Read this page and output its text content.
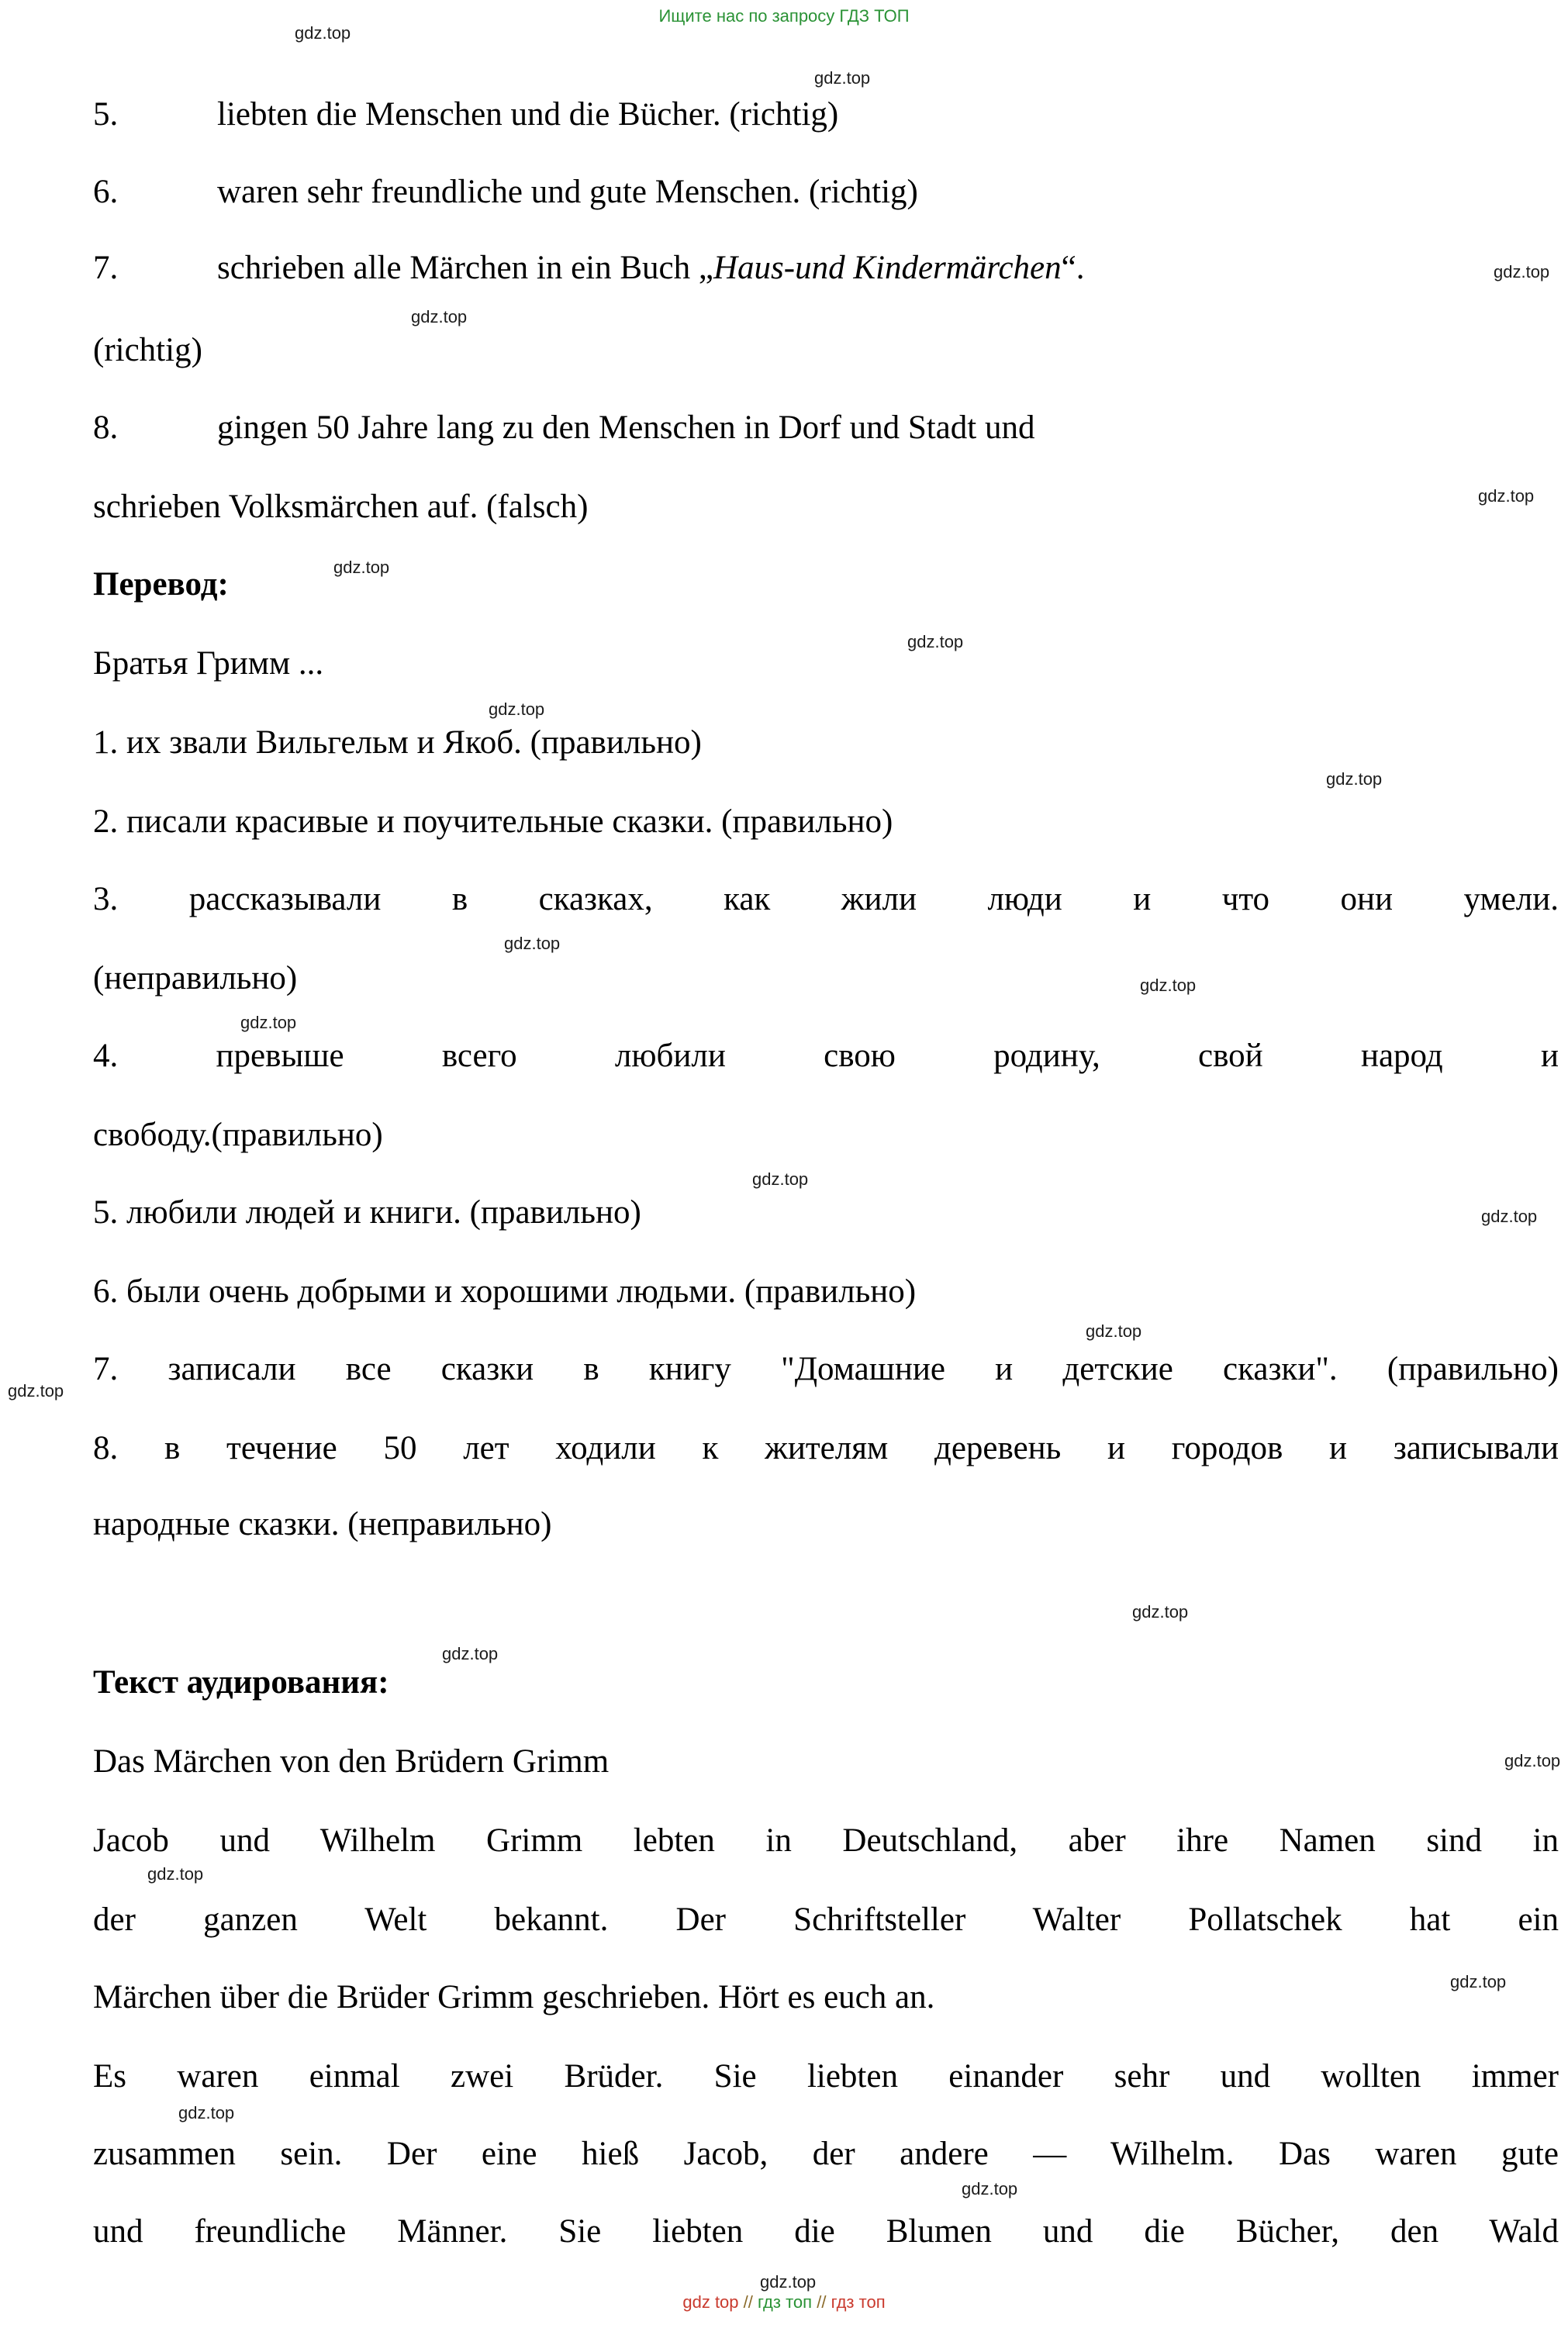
Ищите нас по запросу ГДЗ ТОП
5.	liebten die Menschen und die Bücher. (richtig)
6.	waren sehr freundliche und gute Menschen. (richtig)
7.	schrieben alle Märchen in ein Buch „Haus-und Kindermärchen“.
(richtig)
8.	gingen 50 Jahre lang zu den Menschen in Dorf und Stadt und
schrieben Volksmärchen auf. (falsch)
Перевод:
Братья Гримм ...
1. их звали Вильгельм и Якоб. (правильно)
2. писали красивые и поучительные сказки. (правильно)
3. рассказывали в сказках, как жили люди и что они умели.
(неправильно)
4. превыше всего любили свою родину, свой народ и
свободу.(правильно)
5. любили людей и книги. (правильно)
6. были очень добрыми и хорошими людьми. (правильно)
7. записали все сказки в книгу "Домашние и детские сказки". (правильно)
8. в течение 50 лет ходили к жителям деревень и городов и записывали
народные сказки. (неправильно)
Текст аудирования:
Das Märchen von den Brüdern Grimm
Jacob und Wilhelm Grimm lebten in Deutschland, aber ihre Namen sind in
der ganzen Welt bekannt. Der Schriftsteller Walter Pollatschek hat ein
Märchen über die Brüder Grimm geschrieben. Hört es euch an.
Es waren einmal zwei Brüder. Sie liebten einander sehr und wollten immer
zusammen sein. Der eine hieß Jacob, der andere — Wilhelm. Das waren gute
und freundliche Männer. Sie liebten die Blumen und die Bücher, den Wald
gdz.top
gdz.top
gdz.top
gdz.top
gdz.top
gdz.top
gdz.top
gdz.top
gdz.top
gdz.top
gdz.top
gdz.top
gdz.top
gdz.top
gdz.top
gdz.top
gdz.top
gdz.top
gdz.top
gdz.top
gdz.top
gdz.top
gdz.top
gdz.top
gdz top // гдз топ // гдз топ
